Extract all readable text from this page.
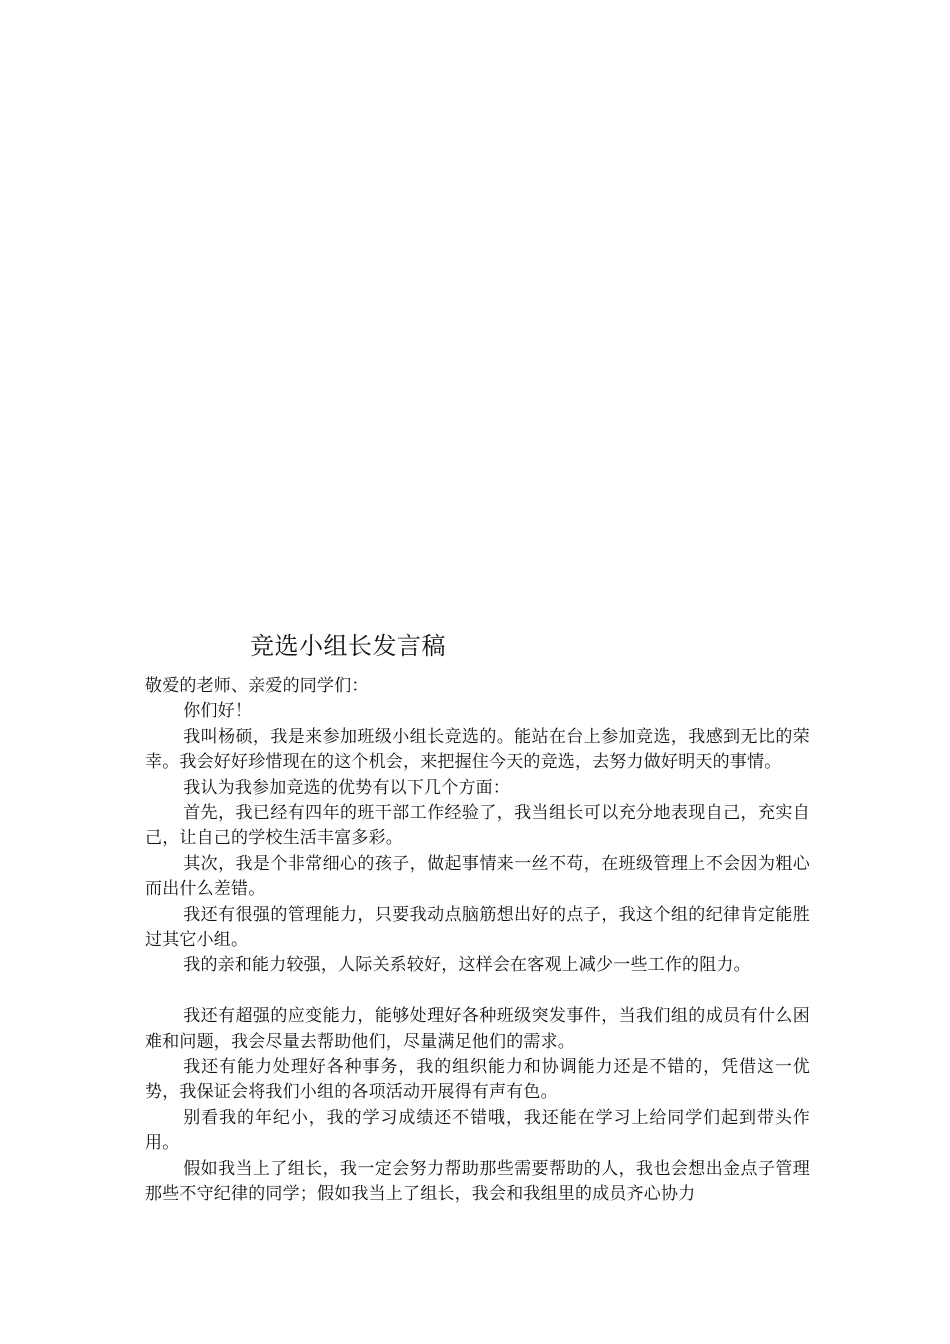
竞选小组长发言稿

敬爱的老师、亲爱的同学们：

你们好！

我叫杨硕，我是来参加班级小组长竞选的。能站在台上参加竞选，我感到无比的荣幸。我会好好珍惜现在的这个机会，来把握住今天的竞选，去努力做好明天的事情。

我认为我参加竞选的优势有以下几个方面：

首先，我已经有四年的班干部工作经验了，我当组长可以充分地表现自己，充实自己，让自己的学校生活丰富多彩。

其次，我是个非常细心的孩子，做起事情来一丝不苟，在班级管理上不会因为粗心而出什么差错。

我还有很强的管理能力，只要我动点脑筋想出好的点子，我这个组的纪律肯定能胜过其它小组。

我的亲和能力较强，人际关系较好，这样会在客观上减少一些工作的阻力。

我还有超强的应变能力，能够处理好各种班级突发事件，当我们组的成员有什么困难和问题，我会尽量去帮助他们，尽量满足他们的需求。

我还有能力处理好各种事务，我的组织能力和协调能力还是不错的，凭借这一优势，我保证会将我们小组的各项活动开展得有声有色。

别看我的年纪小，我的学习成绩还不错哦，我还能在学习上给同学们起到带头作用。

假如我当上了组长，我一定会努力帮助那些需要帮助的人，我也会想出金点子管理那些不守纪律的同学；假如我当上了组长，我会和我组里的成员齐心协力
